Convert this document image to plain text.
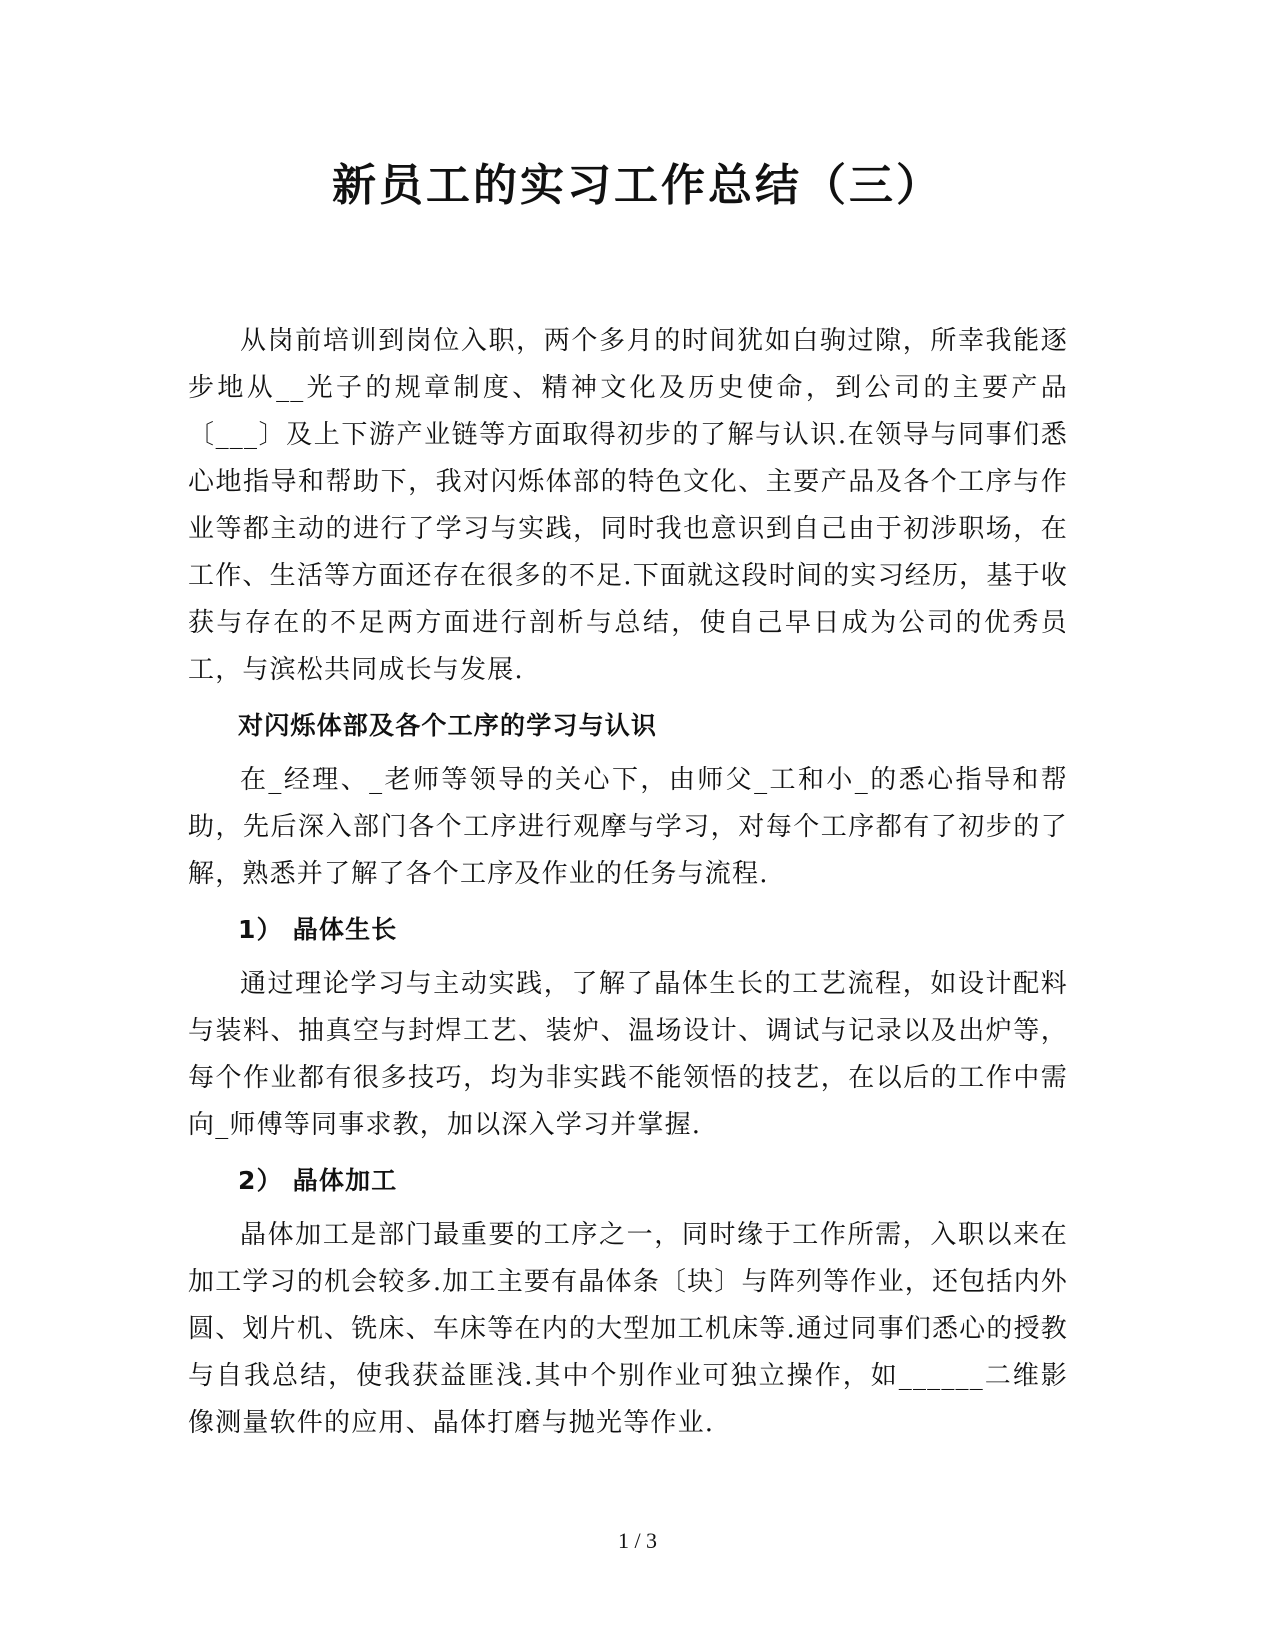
新员工的实习工作总结（三）

从岗前培训到岗位入职，两个多月的时间犹如白驹过隙，所幸我能逐步地从__光子的规章制度、精神文化及历史使命，到公司的主要产品〔___〕及上下游产业链等方面取得初步的了解与认识.在领导与同事们悉心地指导和帮助下，我对闪烁体部的特色文化、主要产品及各个工序与作业等都主动的进行了学习与实践，同时我也意识到自己由于初涉职场，在工作、生活等方面还存在很多的不足.下面就这段时间的实习经历，基于收获与存在的不足两方面进行剖析与总结，使自己早日成为公司的优秀员工，与滨松共同成长与发展.

对闪烁体部及各个工序的学习与认识

在_经理、_老师等领导的关心下，由师父_工和小_的悉心指导和帮助，先后深入部门各个工序进行观摩与学习，对每个工序都有了初步的了解，熟悉并了解了各个工序及作业的任务与流程.

1） 晶体生长

通过理论学习与主动实践，了解了晶体生长的工艺流程，如设计配料与装料、抽真空与封焊工艺、装炉、温场设计、调试与记录以及出炉等，每个作业都有很多技巧，均为非实践不能领悟的技艺，在以后的工作中需向_师傅等同事求教，加以深入学习并掌握.

2） 晶体加工

晶体加工是部门最重要的工序之一，同时缘于工作所需，入职以来在加工学习的机会较多.加工主要有晶体条〔块〕与阵列等作业，还包括内外圆、划片机、铣床、车床等在内的大型加工机床等.通过同事们悉心的授教与自我总结，使我获益匪浅.其中个别作业可独立操作，如______二维影像测量软件的应用、晶体打磨与抛光等作业.

1 / 3
